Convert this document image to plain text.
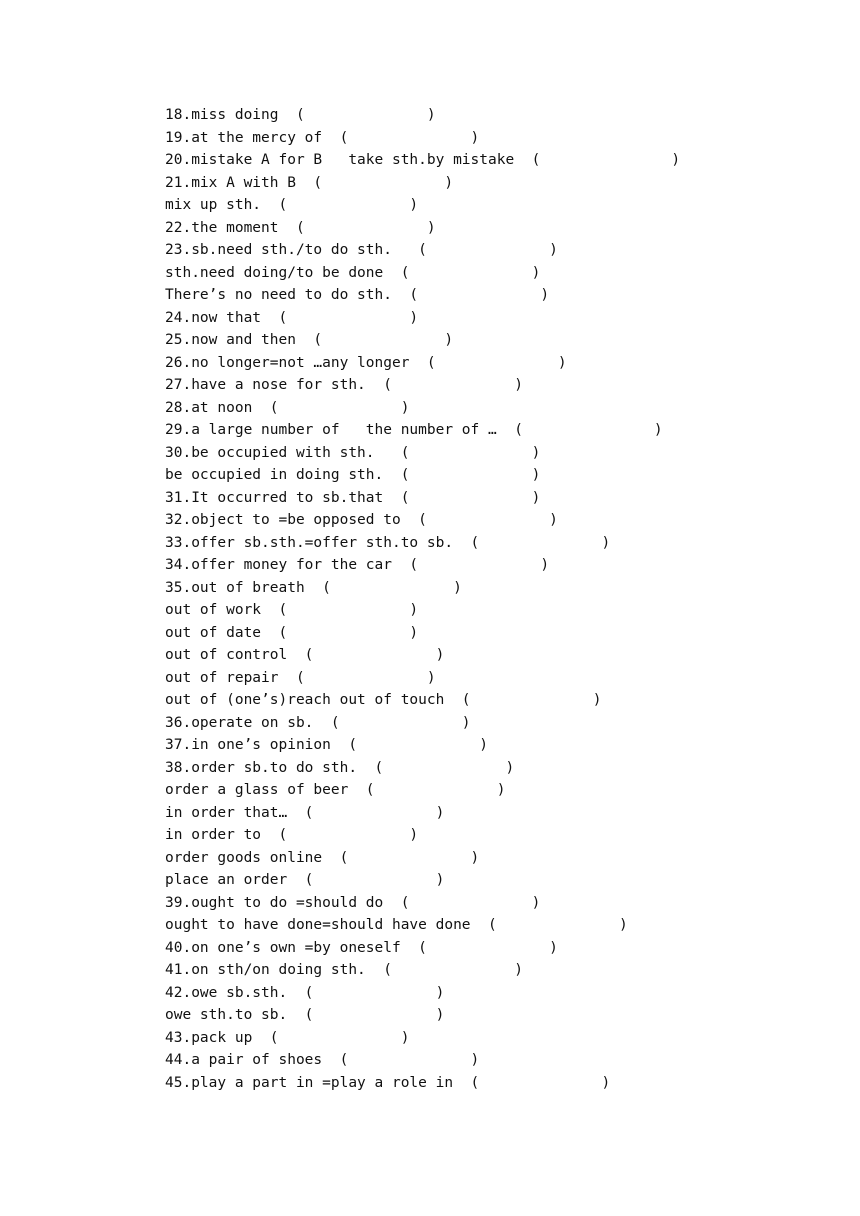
18.miss doing  (              )
19.at the mercy of  (              )
20.mistake A for B   take sth.by mistake  (               )
21.mix A with B  (              )
mix up sth.  (              )
22.the moment  (              )
23.sb.need sth./to do sth.   (              )
sth.need doing/to be done  (              )
There’s no need to do sth.  (              )
24.now that  (              )
25.now and then  (              )
26.no longer=not …any longer  (              )
27.have a nose for sth.  (              )
28.at noon  (              )
29.a large number of   the number of …  (               )
30.be occupied with sth.   (              )
be occupied in doing sth.  (              )
31.It occurred to sb.that  (              )
32.object to =be opposed to  (              )
33.offer sb.sth.=offer sth.to sb.  (              )
34.offer money for the car  (              )
35.out of breath  (              )
out of work  (              )
out of date  (              )
out of control  (              )
out of repair  (              )
out of (one’s)reach out of touch  (              )
36.operate on sb.  (              )
37.in one’s opinion  (              )
38.order sb.to do sth.  (              )
order a glass of beer  (              )
in order that…  (              )
in order to  (              )
order goods online  (              )
place an order  (              )
39.ought to do =should do  (              )
ought to have done=should have done  (              )
40.on one’s own =by oneself  (              )
41.on sth/on doing sth.  (              )
42.owe sb.sth.  (              )
owe sth.to sb.  (              )
43.pack up  (              )
44.a pair of shoes  (              )
45.play a part in =play a role in  (              )
